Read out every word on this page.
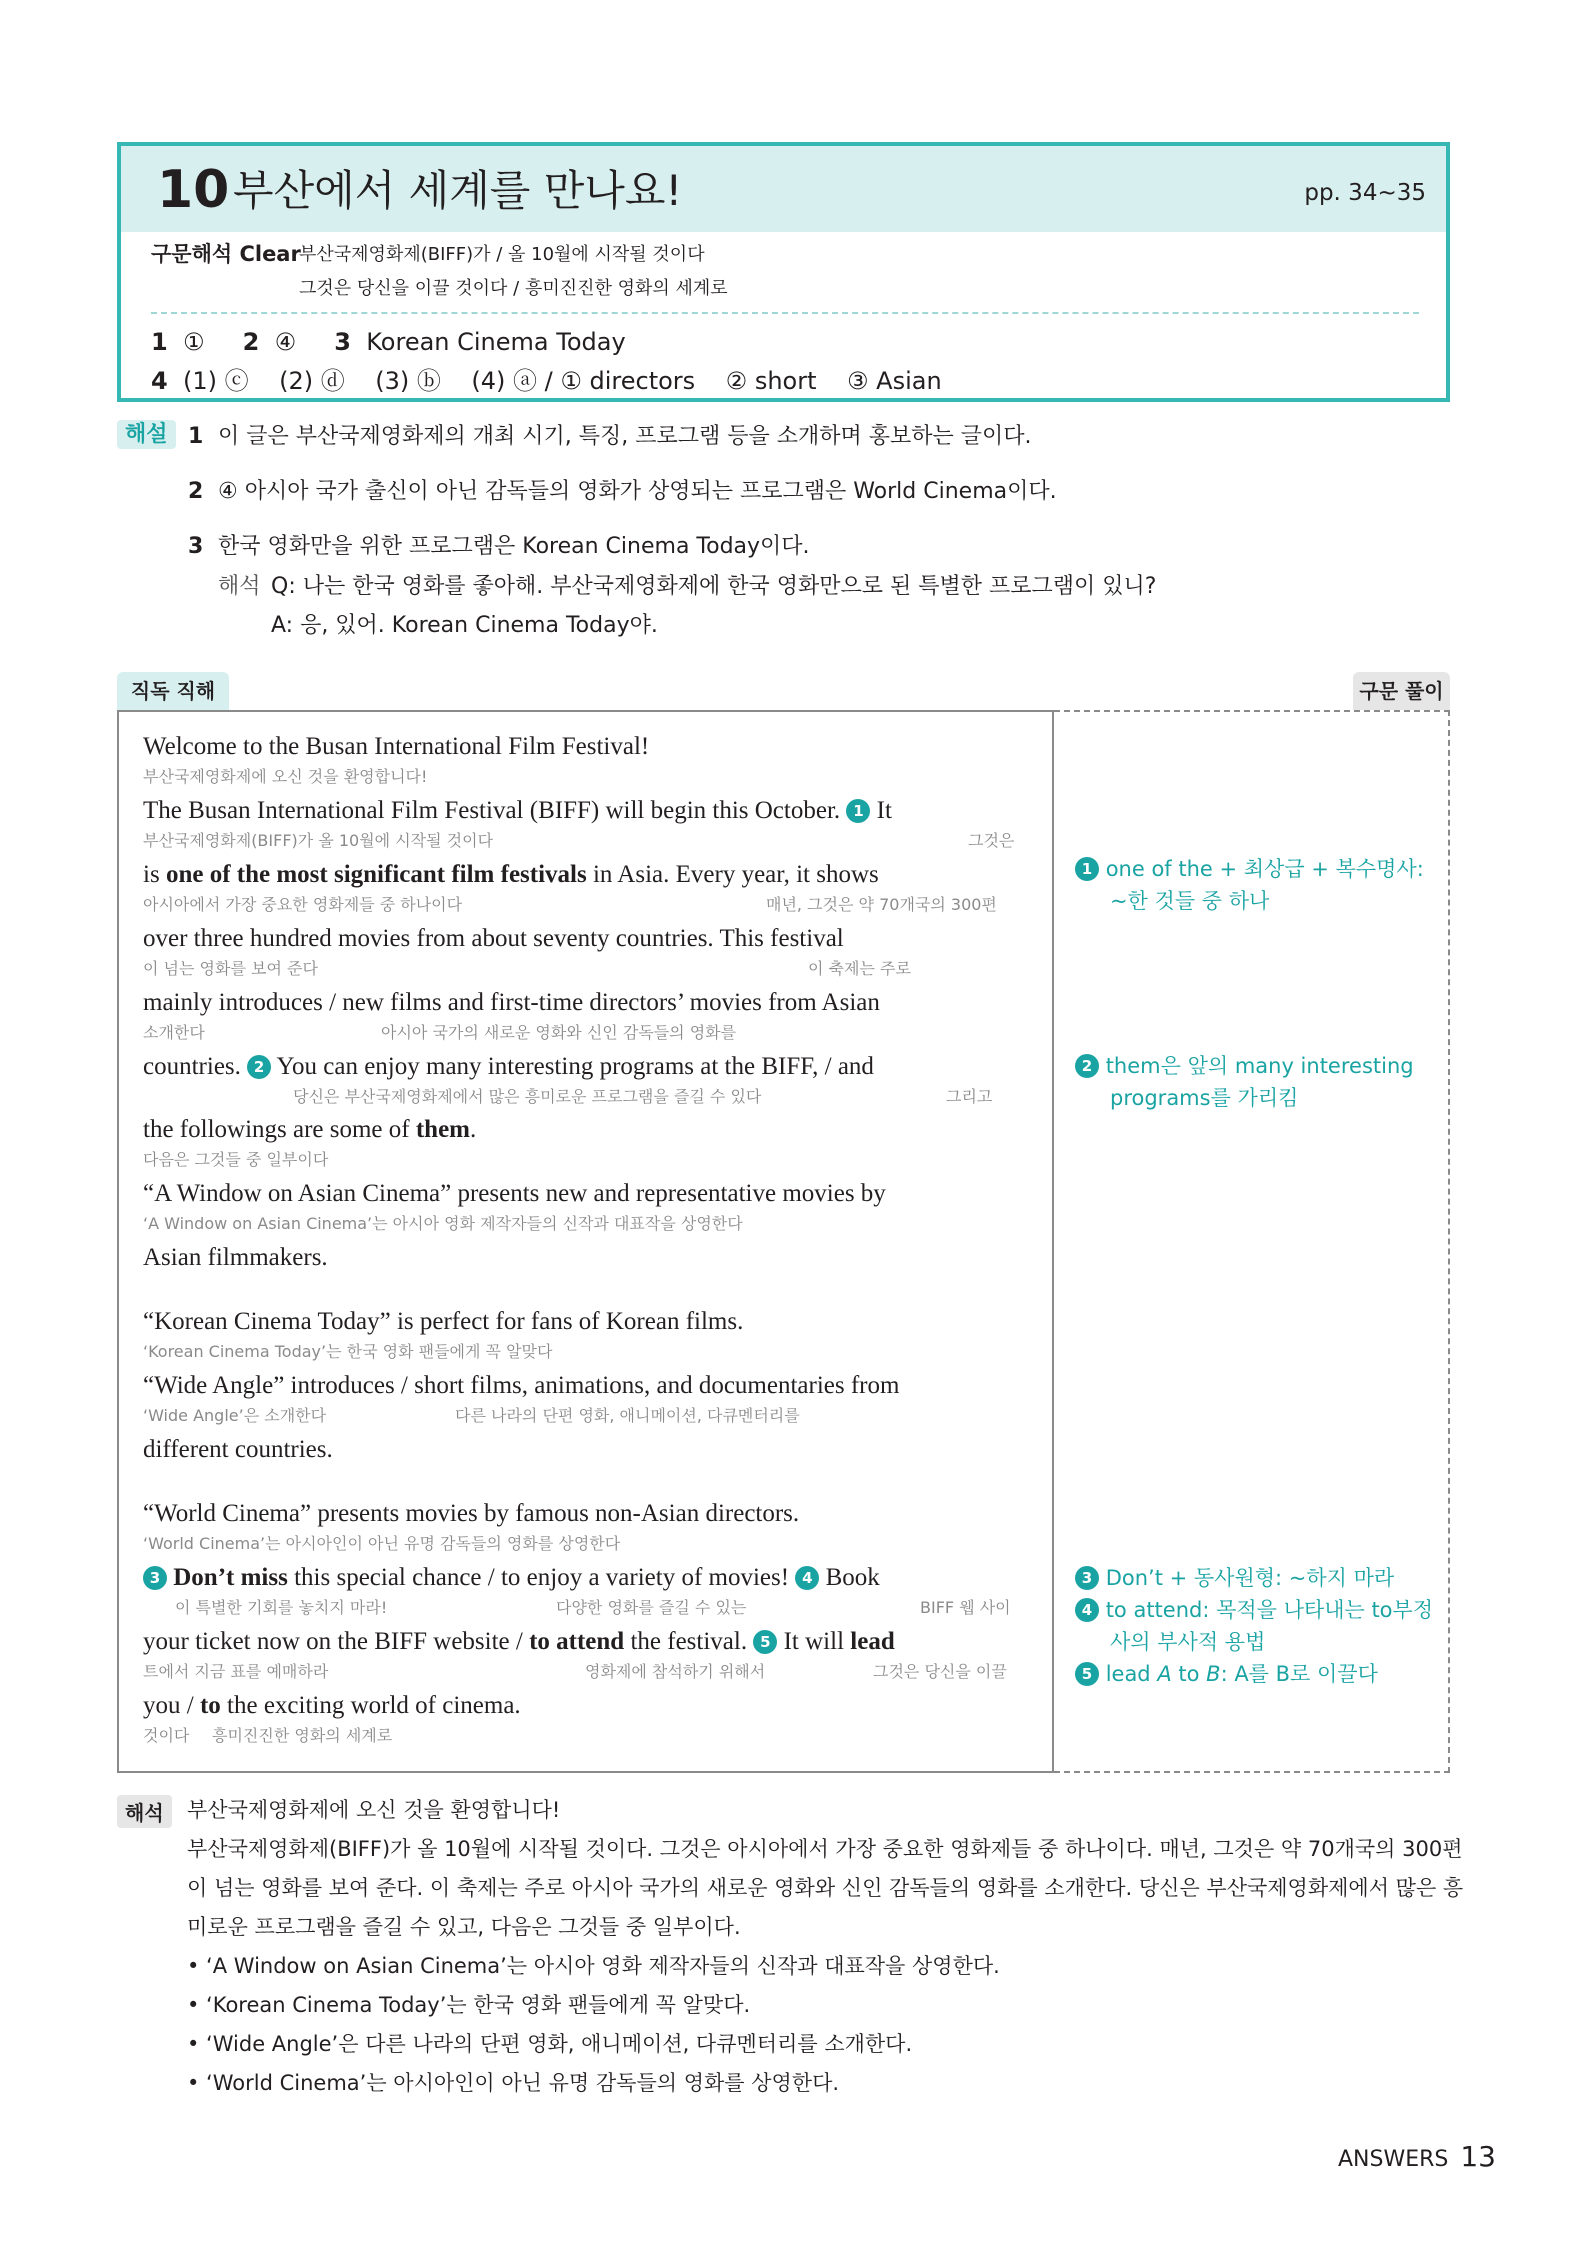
10 부산에서 세계를 만나요!	pp. 34~35
구문해석 Clear
부산국제영화제(BIFF)가 / 올 10월에 시작될 것이다
그것은 당신을 이끌 것이다 / 흥미진진한 영화의 세계로
1 ① 2 ④ 3 Korean Cinema Today
4 (1) ⓒ    (2) ⓓ    (3) ⓑ    (4) ⓐ / ① directors    ② short    ③ Asian
해설 1 이 글은 부산국제영화제의 개최 시기, 특징, 프로그램 등을 소개하며 홍보하는 글이다.
2 ④ 아시아 국가 출신이 아닌 감독들의 영화가 상영되는 프로그램은 World Cinema이다.
3 한국 영화만을 위한 프로그램은 Korean Cinema Today이다.
해석 Q: 나는 한국 영화를 좋아해. 부산국제영화제에 한국 영화만으로 된 특별한 프로그램이 있니?
A: 응, 있어. Korean Cinema Today야.
직독 직해	구문 풀이
Welcome to the Busan International Film Festival!
부산국제영화제에 오신 것을 환영합니다!
The Busan International Film Festival (BIFF) will begin this October. 1 It
부산국제영화제(BIFF)가 올 10월에 시작될 것이다	그것은
is one of the most significant film festivals in Asia. Every year, it shows
아시아에서 가장 중요한 영화제들 중 하나이다	매년, 그것은 약 70개국의 300편
over three hundred movies from about seventy countries. This festival
이 넘는 영화를 보여 준다	이 축제는 주로
mainly introduces / new films and first-time directors’ movies from Asian
소개한다	아시아 국가의 새로운 영화와 신인 감독들의 영화를
countries. 2 You can enjoy many interesting programs at the BIFF, / and
당신은 부산국제영화제에서 많은 흥미로운 프로그램을 즐길 수 있다	그리고
the followings are some of them.
다음은 그것들 중 일부이다
“A Window on Asian Cinema” presents new and representative movies by
‘A Window on Asian Cinema’는 아시아 영화 제작자들의 신작과 대표작을 상영한다
Asian filmmakers.
“Korean Cinema Today” is perfect for fans of Korean films.
‘Korean Cinema Today’는 한국 영화 팬들에게 꼭 알맞다
“Wide Angle” introduces / short films, animations, and documentaries from
‘Wide Angle’은 소개한다	다른 나라의 단편 영화, 애니메이션, 다큐멘터리를
different countries.
“World Cinema” presents movies by famous non-Asian directors.
‘World Cinema’는 아시아인이 아닌 유명 감독들의 영화를 상영한다
3 Don’t miss this special chance / to enjoy a variety of movies! 4 Book
이 특별한 기회를 놓치지 마라!	다양한 영화를 즐길 수 있는	BIFF 웹 사이
your ticket now on the BIFF website / to attend the festival. 5 It will lead
트에서 지금 표를 예매하라	영화제에 참석하기 위해서	그것은 당신을 이끌
you / to the exciting world of cinema.
것이다 흥미진진한 영화의 세계로
1 one of the + 최상급 + 복수명사:
~한 것들 중 하나
2 them은 앞의 many interesting
programs를 가리킴
3 Don’t + 동사원형: ~하지 마라
4 to attend: 목적을 나타내는 to부정
사의 부사적 용법
5 lead A to B: A를 B로 이끌다
해석	부산국제영화제에 오신 것을 환영합니다!
부산국제영화제(BIFF)가 올 10월에 시작될 것이다. 그것은 아시아에서 가장 중요한 영화제들 중 하나이다. 매년, 그것은 약 70개국의 300편
이 넘는 영화를 보여 준다. 이 축제는 주로 아시아 국가의 새로운 영화와 신인 감독들의 영화를 소개한다. 당신은 부산국제영화제에서 많은 흥
미로운 프로그램을 즐길 수 있고, 다음은 그것들 중 일부이다.
• ‘A Window on Asian Cinema’는 아시아 영화 제작자들의 신작과 대표작을 상영한다.
• ‘Korean Cinema Today’는 한국 영화 팬들에게 꼭 알맞다.
• ‘Wide Angle’은 다른 나라의 단편 영화, 애니메이션, 다큐멘터리를 소개한다.
• ‘World Cinema’는 아시아인이 아닌 유명 감독들의 영화를 상영한다.
ANSWERS 13
